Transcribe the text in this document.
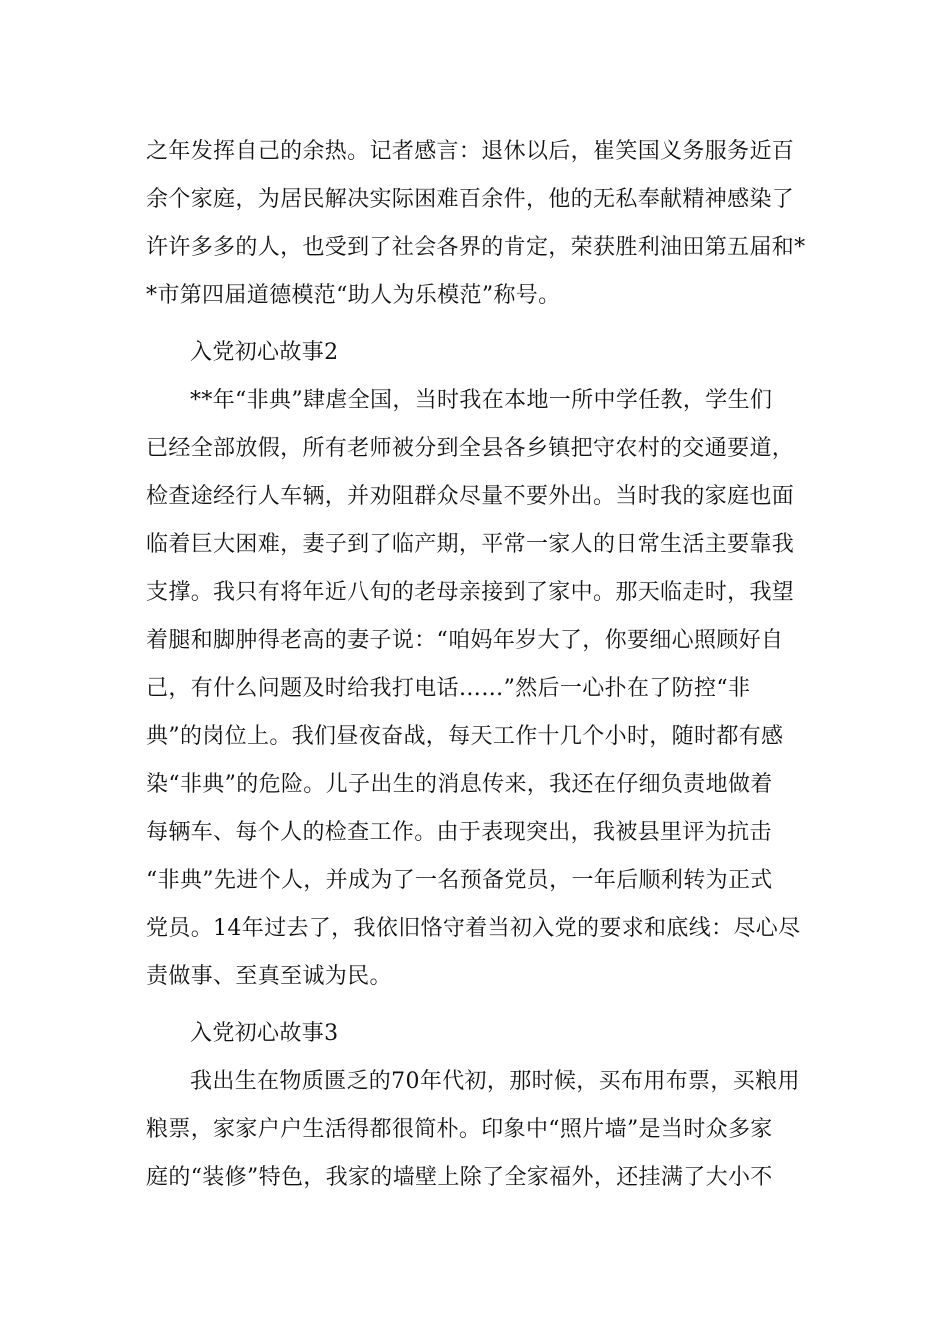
之年发挥自己的余热。记者感言：退休以后，崔笑国义务服务近百
余个家庭，为居民解决实际困难百余件，他的无私奉献精神感染了
许许多多的人，也受到了社会各界的肯定，荣获胜利油田第五届和*
*市第四届道德模范“助人为乐模范”称号。
入党初心故事2
**年“非典”肆虐全国，当时我在本地一所中学任教，学生们
已经全部放假，所有老师被分到全县各乡镇把守农村的交通要道，
检查途经行人车辆，并劝阻群众尽量不要外出。当时我的家庭也面
临着巨大困难，妻子到了临产期，平常一家人的日常生活主要靠我
支撑。我只有将年近八旬的老母亲接到了家中。那天临走时，我望
着腿和脚肿得老高的妻子说：“咱妈年岁大了，你要细心照顾好自
己，有什么问题及时给我打电话……”然后一心扑在了防控“非
典”的岗位上。我们昼夜奋战，每天工作十几个小时，随时都有感
染“非典”的危险。儿子出生的消息传来，我还在仔细负责地做着
每辆车、每个人的检查工作。由于表现突出，我被县里评为抗击
“非典”先进个人，并成为了一名预备党员，一年后顺利转为正式
党员。14年过去了，我依旧恪守着当初入党的要求和底线：尽心尽
责做事、至真至诚为民。
入党初心故事3
我出生在物质匮乏的70年代初，那时候，买布用布票，买粮用
粮票，家家户户生活得都很简朴。印象中“照片墙”是当时众多家
庭的“装修”特色，我家的墙壁上除了全家福外，还挂满了大小不
